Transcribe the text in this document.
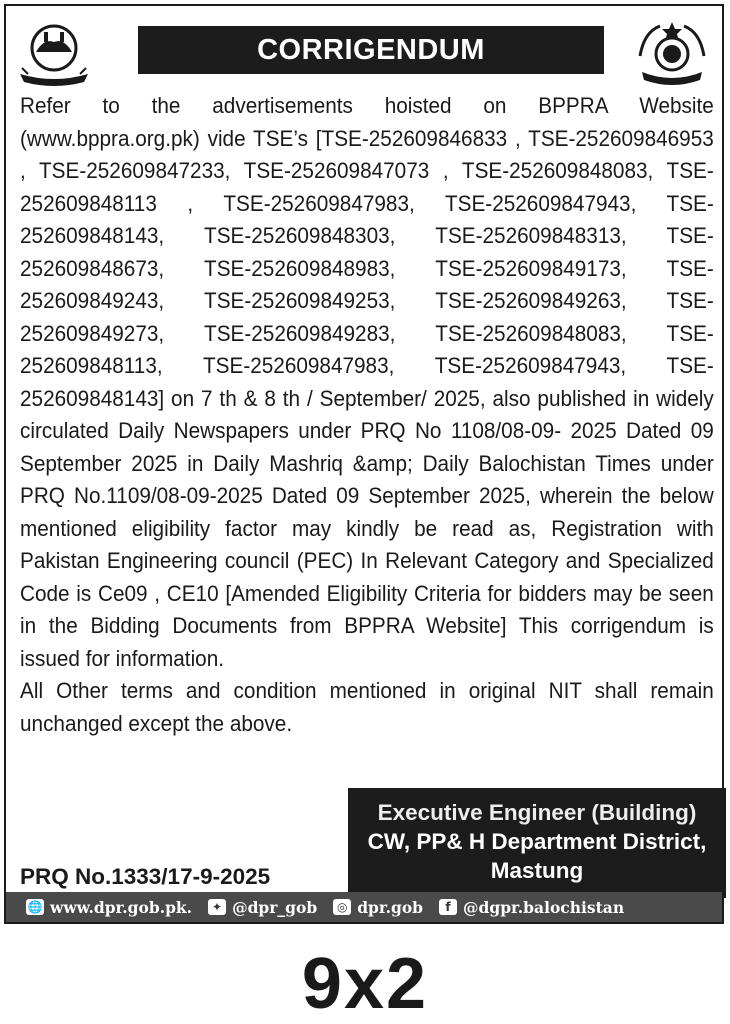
CORRIGENDUM

Refer to the advertisements hoisted on BPPRA Website (www.bppra.org.pk) vide TSE’s [TSE-252609846833 , TSE-252609846953 , TSE-252609847233, TSE-252609847073 , TSE-252609848083, TSE-252609848113 , TSE-252609847983, TSE-252609847943, TSE-252609848143, TSE-252609848303, TSE-252609848313, TSE-252609848673, TSE-252609848983, TSE-252609849173, TSE-252609849243, TSE-252609849253, TSE-252609849263, TSE-252609849273, TSE-252609849283, TSE-252609848083, TSE-252609848113, TSE-252609847983, TSE-252609847943, TSE-252609848143] on 7 th & 8 th / September/ 2025, also published in widely circulated Daily Newspapers under PRQ No 1108/08-09- 2025 Dated 09 September 2025 in Daily Mashriq &amp; Daily Balochistan Times under PRQ No.1109/08-09-2025 Dated 09 September 2025, wherein the below mentioned eligibility factor may kindly be read as, Registration with Pakistan Engineering council (PEC) In Relevant Category and Specialized Code is Ce09 , CE10 [Amended Eligibility Criteria for bidders may be seen in the Bidding Documents from BPPRA Website] This corrigendum is issued for information.

All Other terms and condition mentioned in original NIT shall remain unchanged except the above.

PRQ No.1333/17-9-2025
Executive Engineer (Building)
CW, PP& H Department District,
Mastung
🌐 www.dpr.gob.pk.	✦ @dpr_gob	◎ dpr.gob	f @dgpr.balochistan
9x2
